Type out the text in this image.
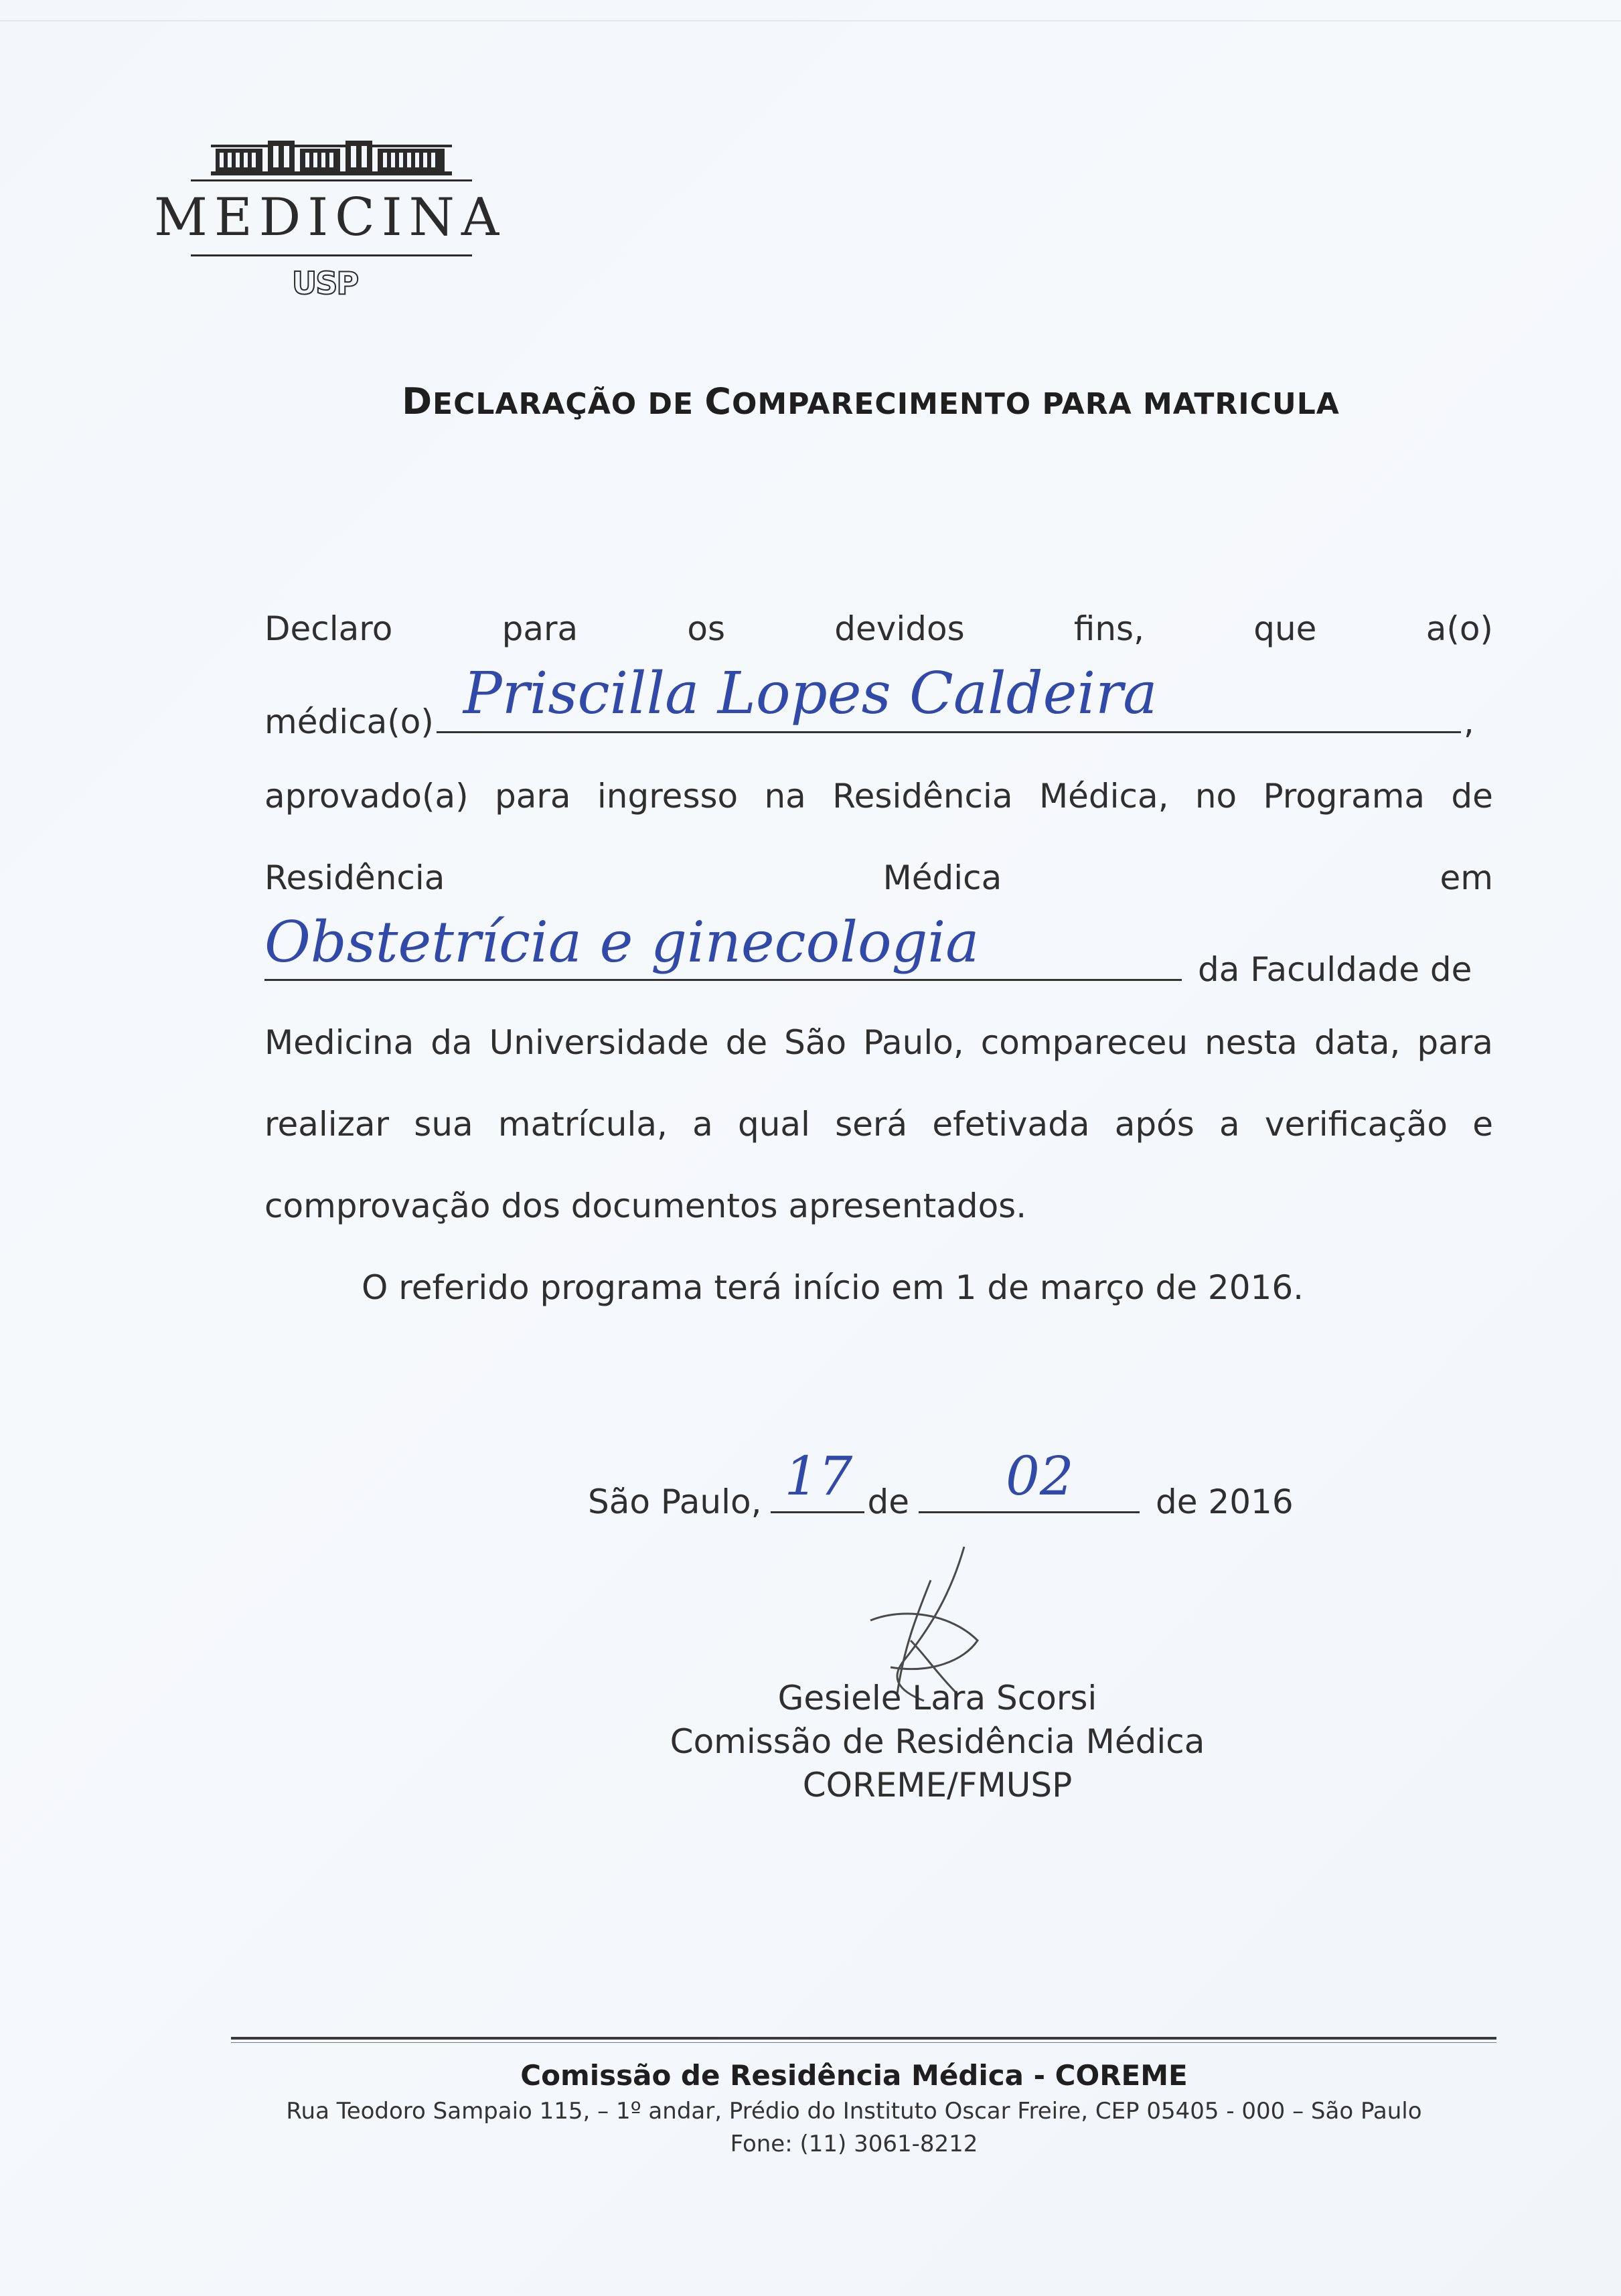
MEDICINA
USP
DECLARAÇÃO DE COMPARECIMENTO PARA MATRICULA
Declaro	para	os	devidos	fins,	que	a(o)
médica(o) Priscilla Lopes Caldeira	,
aprovado(a) para ingresso na Residência Médica, no Programa de
Residência	Médica	em
Obstetrícia e ginecologia	da Faculdade de
Medicina da Universidade de São Paulo, compareceu nesta data, para
realizar sua matrícula, a qual será efetivada após a verificação e
comprovação dos documentos apresentados.
O referido programa terá início em 1 de março de 2016.
São Paulo, 17 de 02 de 2016
Gesiele Lara Scorsi
Comissão de Residência Médica
COREME/FMUSP
Comissão de Residência Médica - COREME
Rua Teodoro Sampaio 115, – 1º andar, Prédio do Instituto Oscar Freire, CEP 05405 - 000 – São Paulo
Fone: (11) 3061-8212
